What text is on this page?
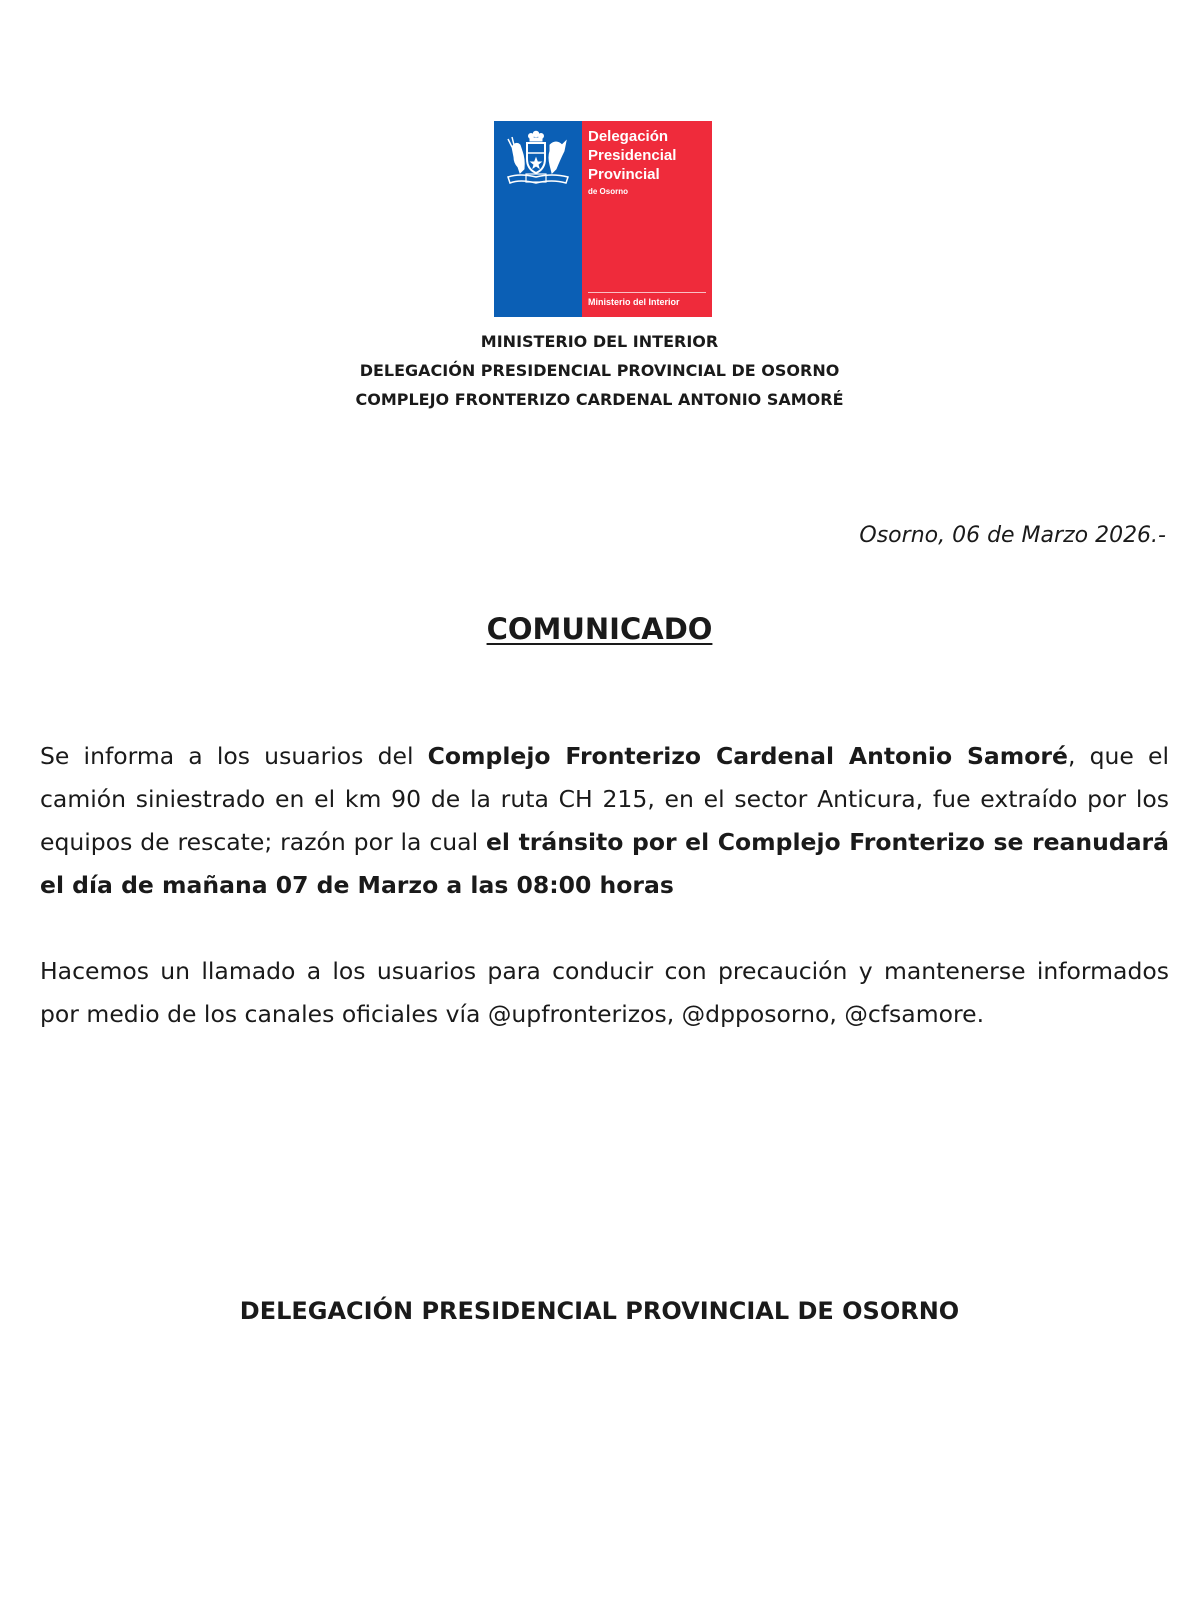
Delegación
Presidencial
Provincial
de Osorno
Ministerio del Interior
MINISTERIO DEL INTERIOR
DELEGACIÓN PRESIDENCIAL PROVINCIAL DE OSORNO
COMPLEJO FRONTERIZO CARDENAL ANTONIO SAMORÉ
Osorno, 06 de Marzo 2026.-
COMUNICADO
Se informa a los usuarios del Complejo Fronterizo Cardenal Antonio Samoré, que el camión siniestrado en el km 90 de la ruta CH 215, en el sector Anticura, fue extraído por los equipos de rescate; razón por la cual el tránsito por el Complejo Fronterizo se reanudará el día de mañana 07 de Marzo a las 08:00 horas
Hacemos un llamado a los usuarios para conducir con precaución y mantenerse informados por medio de los canales oficiales vía @upfronterizos, @dpposorno, @cfsamore.
DELEGACIÓN PRESIDENCIAL PROVINCIAL DE OSORNO
